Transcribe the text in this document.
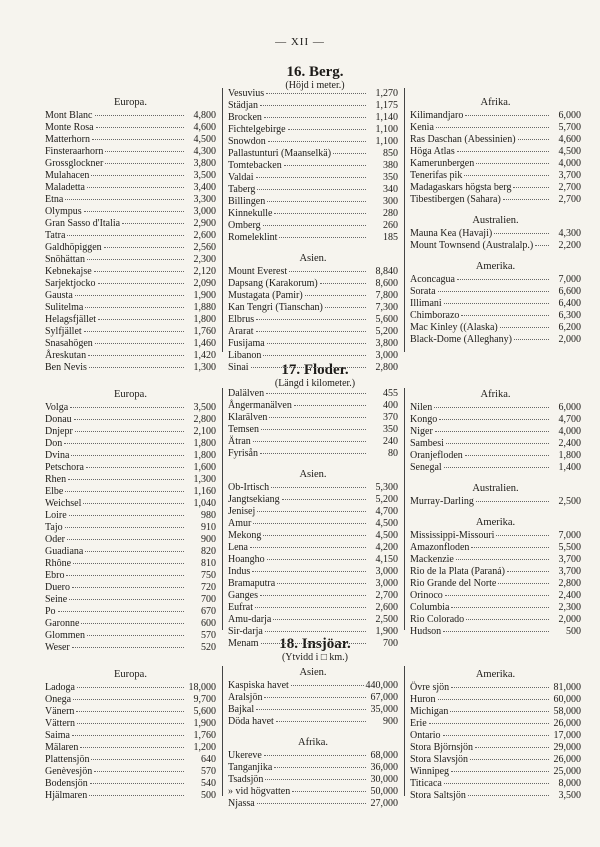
— XII —
16. Berg.
(Höjd i meter.)
17. Floder.
(Längd i kilometer.)
18. Insjöar.
(Ytvidd i □ km.)
Europa.
Mont Blanc	4,800
Monte Rosa	4,600
Matterhorn	4,500
Finsteraarhorn	4,300
Grossglockner	3,800
Mulahacen	3,500
Maladetta	3,400
Etna	3,300
Olympus	3,000
Gran Sasso d'Italia	2,900
Tatra	2,600
Galdhöpiggen	2,560
Snöhättan	2,300
Kebnekajse	2,120
Sarjektjocko	2,090
Gausta	1,900
Sulitelma	1,880
Helagsfjället	1,800
Sylfjället	1,760
Snasahögen	1,460
Åreskutan	1,420
Ben Nevis	1,300
Vesuvius	1,270
Städjan	1,175
Brocken	1,140
Fichtelgebirge	1,100
Snowdon	1,100
Pallastunturi (Maanselkä)	850
Tomtebacken	380
Valdai	350
Taberg	340
Billingen	300
Kinnekulle	280
Omberg	260
Romeleklint	185
Asien.
Mount Everest	8,840
Dapsang (Karakorum)	8,600
Mustagata (Pamir)	7,800
Kan Tengri (Tianschan)	7,300
Elbrus	5,600
Ararat	5,200
Fusijama	3,800
Libanon	3,000
Sinai	2,800
Afrika.
Kilimandjaro	6,000
Kenia	5,700
Ras Daschan (Abessinien)	4,600
Höga Atlas	4,500
Kamerunbergen	4,000
Tenerifas pik	3,700
Madagaskars högsta berg	2,700
Tibestibergen (Sahara)	2,700
Australien.
Mauna Kea (Havaji)	4,300
Mount Townsend (Australalp.)	2,200
Amerika.
Aconcagua	7,000
Sorata	6,600
Illimani	6,400
Chimborazo	6,300
Mac Kinley ((Alaska)	6,200
Black-Dome (Alleghany)	2,000
Europa.
Volga	3,500
Donau	2,800
Dnjepr	2,100
Don	1,800
Dvina	1,800
Petschora	1,600
Rhen	1,300
Elbe	1,160
Weichsel	1,040
Loire	980
Tajo	910
Oder	900
Guadiana	820
Rhône	810
Ebro	750
Duero	720
Seine	700
Po	670
Garonne	600
Glommen	570
Weser	520
Dalälven	455
Ångermanälven	400
Klarälven	370
Temsen	350
Ätran	240
Fyrisån	80
Asien.
Ob-Irtisch	5,300
Jangtsekiang	5,200
Jenisej	4,700
Amur	4,500
Mekong	4,500
Lena	4,200
Hoangho	4,150
Indus	3,000
Bramaputra	3,000
Ganges	2,700
Eufrat	2,600
Amu-darja	2,500
Sir-darja	1,900
Menam	700
Afrika.
Nilen	6,000
Kongo	4,700
Niger	4,000
Sambesi	2,400
Oranjefloden	1,800
Senegal	1,400
Australien.
Murray-Darling	2,500
Amerika.
Mississippi-Missouri	7,000
Amazonfloden	5,500
Mackenzie	3,700
Rio de la Plata (Paraná)	3,700
Rio Grande del Norte	2,800
Orinoco	2,400
Columbia	2,300
Rio Colorado	2,000
Hudson	500
Europa.
Ladoga	18,000
Onega	9,700
Vänern	5,600
Vättern	1,900
Saima	1,760
Mälaren	1,200
Plattensjön	640
Genèvesjön	570
Bodensjön	540
Hjälmaren	500
Asien.
Kaspiska havet	440,000
Aralsjön	67,000
Bajkal	35,000
Döda havet	900
Afrika.
Ukereve	68,000
Tanganjika	36,000
Tsadsjön	30,000
» vid högvatten	50,000
Njassa	27,000
Amerika.
Övre sjön	81,000
Huron	60,000
Michigan	58,000
Erie	26,000
Ontario	17,000
Stora Björnsjön	29,000
Stora Slavsjön	26,000
Winnipeg	25,000
Titicaca	8,000
Stora Saltsjön	3,500
